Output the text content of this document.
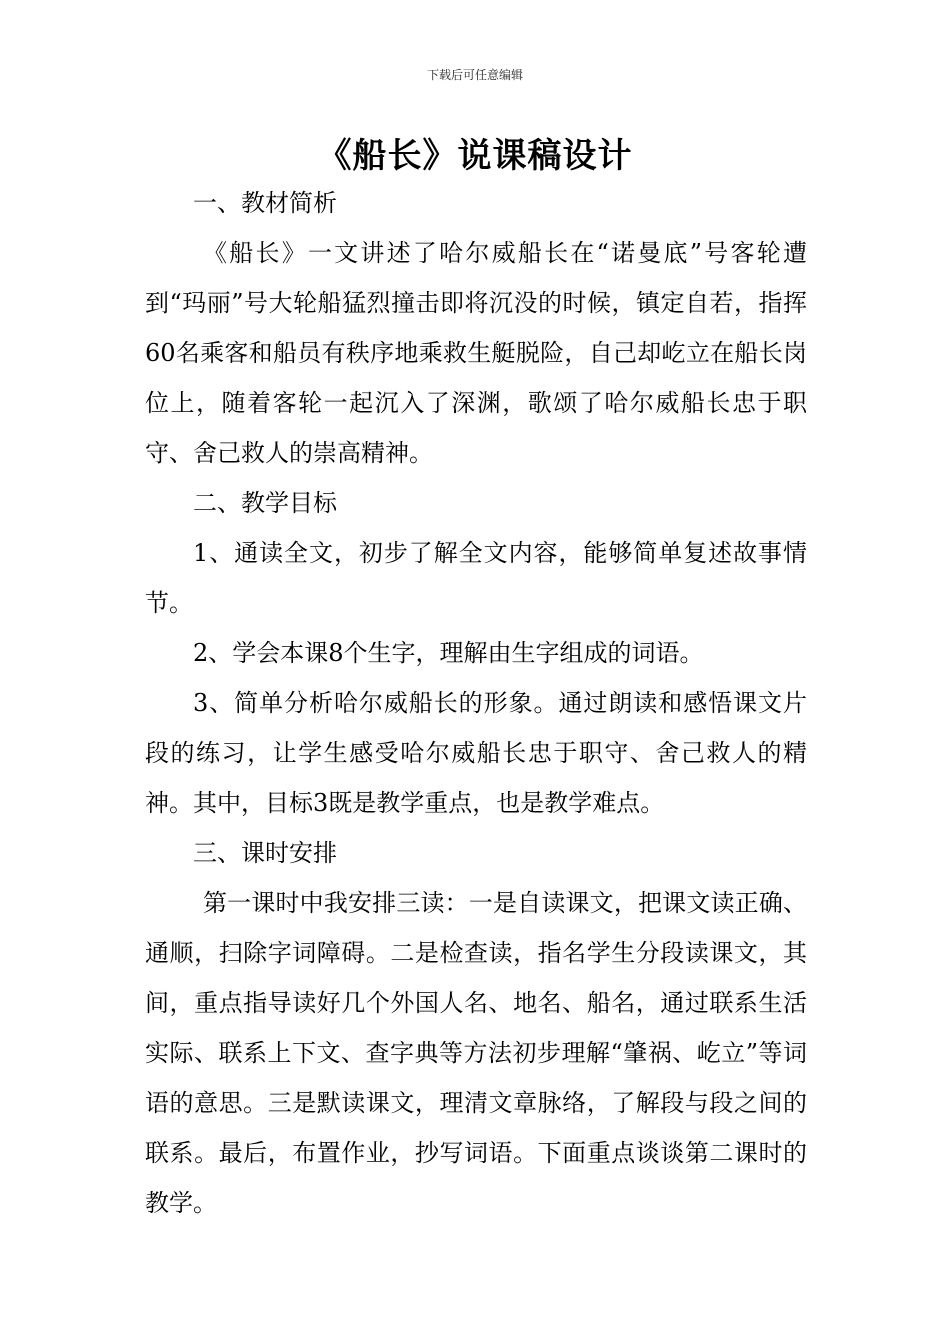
下载后可任意编辑
《船长》说课稿设计

一、教材简析

《船长》一文讲述了哈尔威船长在“诺曼底”号客轮遭到“玛丽”号大轮船猛烈撞击即将沉没的时候，镇定自若，指挥60名乘客和船员有秩序地乘救生艇脱险，自己却屹立在船长岗位上，随着客轮一起沉入了深渊，歌颂了哈尔威船长忠于职守、舍己救人的崇高精神。

二、教学目标

1、通读全文，初步了解全文内容，能够简单复述故事情节。

2、学会本课8个生字，理解由生字组成的词语。

3、简单分析哈尔威船长的形象。通过朗读和感悟课文片段的练习，让学生感受哈尔威船长忠于职守、舍己救人的精神。其中，目标3既是教学重点，也是教学难点。

三、课时安排

第一课时中我安排三读：一是自读课文，把课文读正确、通顺，扫除字词障碍。二是检查读，指名学生分段读课文，其间，重点指导读好几个外国人名、地名、船名，通过联系生活实际、联系上下文、查字典等方法初步理解“肇祸、屹立”等词语的意思。三是默读课文，理清文章脉络，了解段与段之间的联系。最后，布置作业，抄写词语。下面重点谈谈第二课时的教学。
